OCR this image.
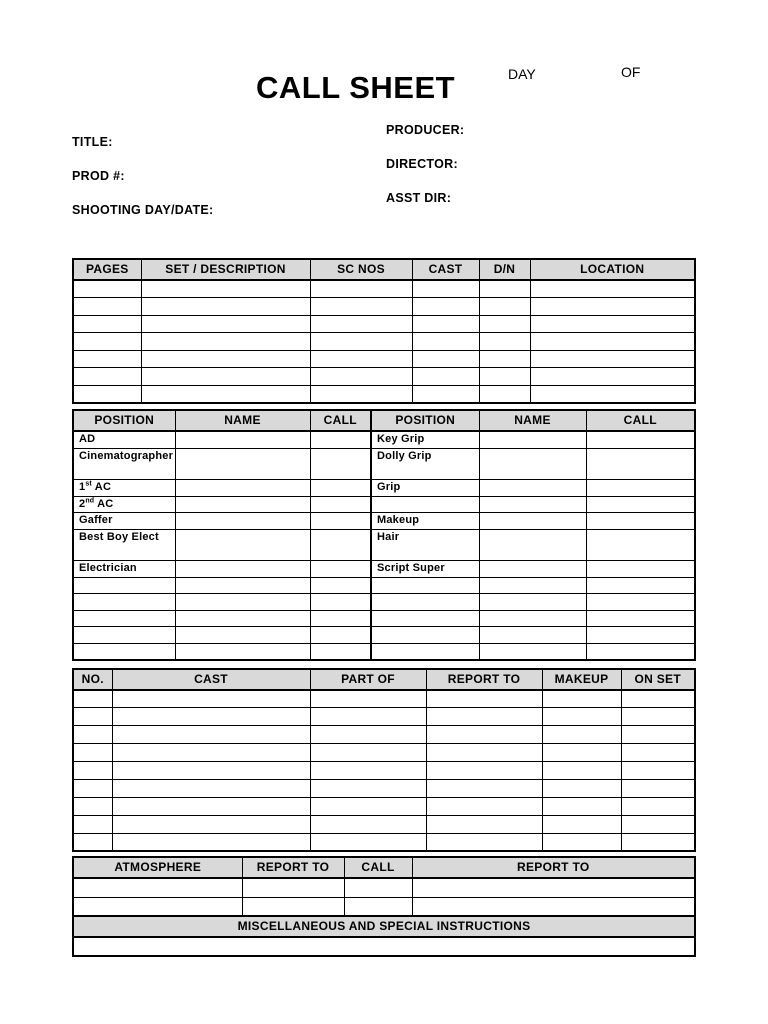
CALL SHEET	DAY	OF
TITLE:
PROD #:
SHOOTING DAY/DATE:
PRODUCER:
DIRECTOR:
ASST DIR:
PAGES	SET / DESCRIPTION	SC NOS	CAST	D/N	LOCATION

POSITION	NAME	CALL	POSITION	NAME	CALL
AD			Key Grip		
Cinematographer			Dolly Grip		
1st AC			Grip		
2nd AC					
Gaffer			Makeup		
Best Boy Elect			Hair		
Electrician			Script Super		

NO.	CAST	PART OF	REPORT TO	MAKEUP	ON SET

ATMOSPHERE	REPORT TO	CALL	REPORT TO

MISCELLANEOUS AND SPECIAL INSTRUCTIONS
